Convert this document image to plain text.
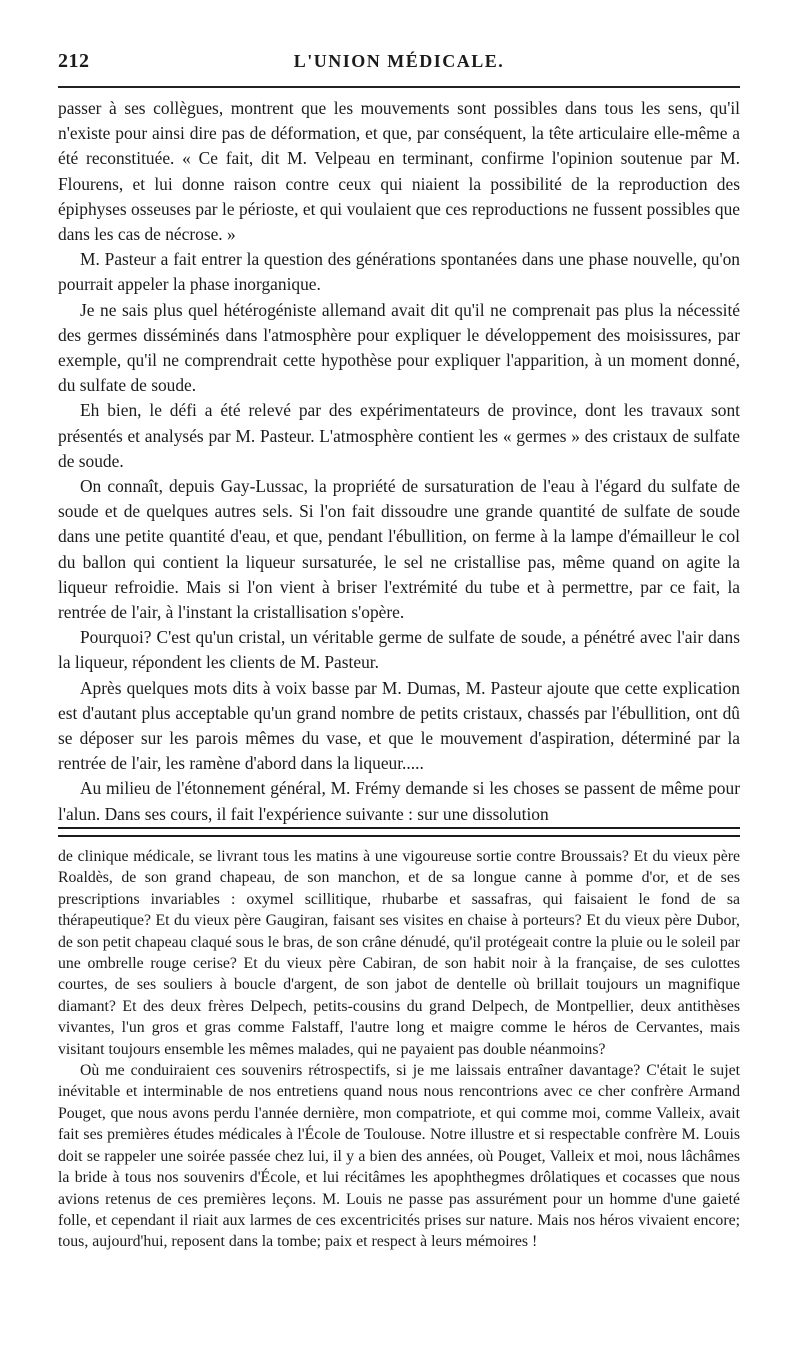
212	L'UNION MÉDICALE.

passer à ses collègues, montrent que les mouvements sont possibles dans tous les sens, qu'il n'existe pour ainsi dire pas de déformation, et que, par conséquent, la tête articulaire elle-même a été reconstituée. « Ce fait, dit M. Velpeau en terminant, confirme l'opinion soutenue par M. Flourens, et lui donne raison contre ceux qui niaient la possibilité de la reproduction des épiphyses osseuses par le périoste, et qui voulaient que ces reproductions ne fussent possibles que dans les cas de nécrose. »

M. Pasteur a fait entrer la question des générations spontanées dans une phase nouvelle, qu'on pourrait appeler la phase inorganique.

Je ne sais plus quel hétérogéniste allemand avait dit qu'il ne comprenait pas plus la nécessité des germes disséminés dans l'atmosphère pour expliquer le développement des moisissures, par exemple, qu'il ne comprendrait cette hypothèse pour expliquer l'apparition, à un moment donné, du sulfate de soude.

Eh bien, le défi a été relevé par des expérimentateurs de province, dont les travaux sont présentés et analysés par M. Pasteur. L'atmosphère contient les « germes » des cristaux de sulfate de soude.

On connaît, depuis Gay-Lussac, la propriété de sursaturation de l'eau à l'égard du sulfate de soude et de quelques autres sels. Si l'on fait dissoudre une grande quantité de sulfate de soude dans une petite quantité d'eau, et que, pendant l'ébullition, on ferme à la lampe d'émailleur le col du ballon qui contient la liqueur sursaturée, le sel ne cristallise pas, même quand on agite la liqueur refroidie. Mais si l'on vient à briser l'extrémité du tube et à permettre, par ce fait, la rentrée de l'air, à l'instant la cristallisation s'opère.

Pourquoi? C'est qu'un cristal, un véritable germe de sulfate de soude, a pénétré avec l'air dans la liqueur, répondent les clients de M. Pasteur.

Après quelques mots dits à voix basse par M. Dumas, M. Pasteur ajoute que cette explication est d'autant plus acceptable qu'un grand nombre de petits cristaux, chassés par l'ébullition, ont dû se déposer sur les parois mêmes du vase, et que le mouvement d'aspiration, déterminé par la rentrée de l'air, les ramène d'abord dans la liqueur.....

Au milieu de l'étonnement général, M. Frémy demande si les choses se passent de même pour l'alun. Dans ses cours, il fait l'expérience suivante : sur une dissolution

de clinique médicale, se livrant tous les matins à une vigoureuse sortie contre Broussais? Et du vieux père Roaldès, de son grand chapeau, de son manchon, et de sa longue canne à pomme d'or, et de ses prescriptions invariables : oxymel scillitique, rhubarbe et sassafras, qui faisaient le fond de sa thérapeutique? Et du vieux père Gaugiran, faisant ses visites en chaise à porteurs? Et du vieux père Dubor, de son petit chapeau claqué sous le bras, de son crâne dénudé, qu'il protégeait contre la pluie ou le soleil par une ombrelle rouge cerise? Et du vieux père Cabiran, de son habit noir à la française, de ses culottes courtes, de ses souliers à boucle d'argent, de son jabot de dentelle où brillait toujours un magnifique diamant? Et des deux frères Delpech, petits-cousins du grand Delpech, de Montpellier, deux antithèses vivantes, l'un gros et gras comme Falstaff, l'autre long et maigre comme le héros de Cervantes, mais visitant toujours ensemble les mêmes malades, qui ne payaient pas double néanmoins?

Où me conduiraient ces souvenirs rétrospectifs, si je me laissais entraîner davantage? C'était le sujet inévitable et interminable de nos entretiens quand nous nous rencontrions avec ce cher confrère Armand Pouget, que nous avons perdu l'année dernière, mon compatriote, et qui comme moi, comme Valleix, avait fait ses premières études médicales à l'École de Toulouse. Notre illustre et si respectable confrère M. Louis doit se rappeler une soirée passée chez lui, il y a bien des années, où Pouget, Valleix et moi, nous lâchâmes la bride à tous nos souvenirs d'École, et lui récitâmes les apophthegmes drôlatiques et cocasses que nous avions retenus de ces premières leçons. M. Louis ne passe pas assurément pour un homme d'une gaieté folle, et cependant il riait aux larmes de ces excentricités prises sur nature. Mais nos héros vivaient encore; tous, aujourd'hui, reposent dans la tombe; paix et respect à leurs mémoires !
